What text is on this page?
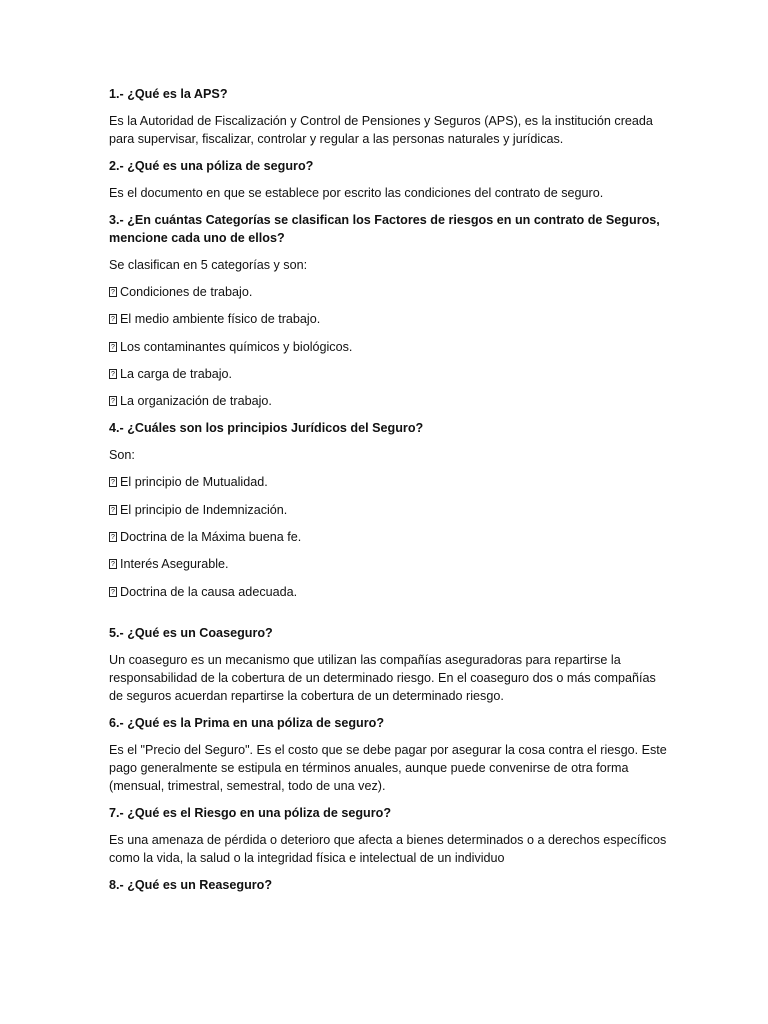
1.- ¿Qué es la APS?

Es la Autoridad de Fiscalización y Control de Pensiones y Seguros (APS), es la institución creada para supervisar, fiscalizar, controlar y regular a las personas naturales y jurídicas.

2.- ¿Qué es una póliza de seguro?

Es el documento en que se establece por escrito las condiciones del contrato de seguro.

3.- ¿En cuántas Categorías se clasifican los Factores de riesgos en un contrato de Seguros, mencione cada uno de ellos?

Se clasifican en 5 categorías y son:

? Condiciones de trabajo.
? El medio ambiente físico de trabajo.
? Los contaminantes químicos y biológicos.
? La carga de trabajo.
? La organización de trabajo.

4.- ¿Cuáles son los principios Jurídicos del Seguro?

Son:

? El principio de Mutualidad.
? El principio de Indemnización.
? Doctrina de la Máxima buena fe.
? Interés Asegurable.
? Doctrina de la causa adecuada.

5.- ¿Qué es un Coaseguro?

Un coaseguro es un mecanismo que utilizan las compañías aseguradoras para repartirse la responsabilidad de la cobertura de un determinado riesgo. En el coaseguro dos o más compañías de seguros acuerdan repartirse la cobertura de un determinado riesgo.

6.- ¿Qué es la Prima en una póliza de seguro?

Es el "Precio del Seguro". Es el costo que se debe pagar por asegurar la cosa contra el riesgo. Este pago generalmente se estipula en términos anuales, aunque puede convenirse de otra forma (mensual, trimestral, semestral, todo de una vez).

7.- ¿Qué es el Riesgo en una póliza de seguro?

Es una amenaza de pérdida o deterioro que afecta a bienes determinados o a derechos específicos como la vida, la salud o la integridad física e intelectual de un individuo

8.- ¿Qué es un Reaseguro?
